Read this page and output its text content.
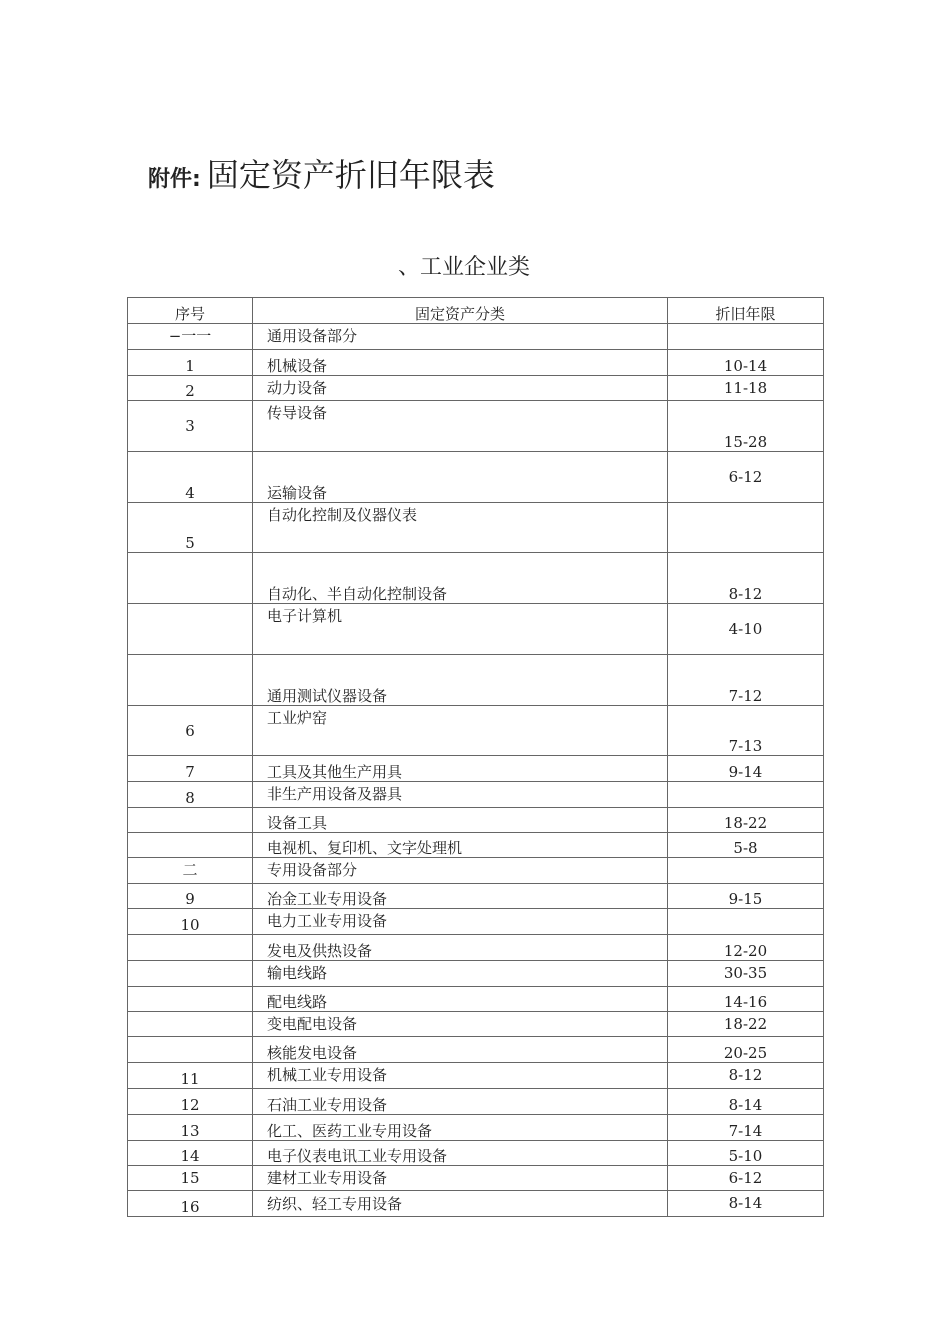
附件: 固定资产折旧年限表
、工业企业类
序号	固定资产分类	折旧年限

−一一	通用设备部分	

1	机械设备	10-14

2	动力设备	11-18

3	传导设备	15-28

4	运输设备	6-12

5	自动化控制及仪器仪表	

	自动化、半自动化控制设备	8-12

	电子计算机	4-10

	通用测试仪器设备	7-12

6	工业炉窑	7-13

7	工具及其他生产用具	9-14

8	非生产用设备及器具	

	设备工具	18-22

	电视机、复印机、文字处理机	5-8

二	专用设备部分	

9	冶金工业专用设备	9-15

10	电力工业专用设备	

	发电及供热设备	12-20

	输电线路	30-35

	配电线路	14-16

	变电配电设备	18-22

	核能发电设备	20-25

11	机械工业专用设备	8-12

12	石油工业专用设备	8-14

13	化工、医药工业专用设备	7-14

14	电子仪表电讯工业专用设备	5-10

15	建材工业专用设备	6-12

16	纺织、轻工专用设备	8-14
